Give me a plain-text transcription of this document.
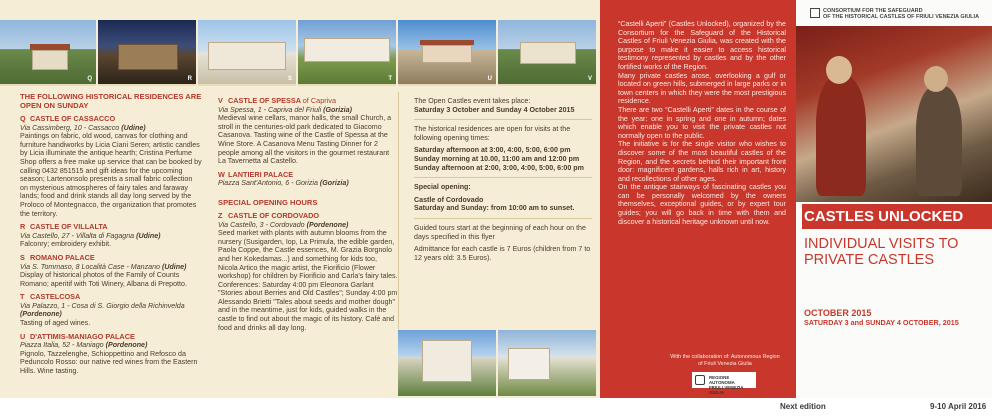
Q	R	S	T	U	V
THE FOLLOWING HISTORICAL RESIDENCES ARE OPEN ON SUNDAY
Q CASTLE OF CASSACCO

Via Cassimberg, 10 - Cassacco (Udine)

Paintings on fabric, old wood, canvas for clothing and furniture handiworks by Licia Ciani Seren; artistic candles by Licia illuminate the antique hearth; Cristina Perfume Shop offers a free make up service that can be booked by calling 0432 851515 and gift ideas for the upcoming season; Lartenonsolo presents a small fabric collection on mysterious atmospheres of fairy tales and faraway lands; food and drink stands all day long served by the Proloco of Montegnacco, the organization that promotes the territory.

R CASTLE OF VILLALTA

Via Castello, 27 - Villalta di Fagagna (Udine)

Falconry; embroidery exhibit.

S ROMANO PALACE

Via S. Tommaso, 8 Località Case - Manzano (Udine)

Display of historical photos of the Family of Counts Romano; aperitif with Toti Winery, Albana di Prepotto.

T CASTELCOSA

Via Palazzo, 1 - Cosa di S. Giorgio della Richinvelda (Pordenone)

Tasting of aged wines.

U D'ATTIMIS-MANIAGO PALACE

Piazza Italia, 52 - Maniago (Pordenone)

Pignolo, Tazzelenghe, Schioppettino and Refosco da Peduncolo Rosso: our native red wines from the Eastern Hills. Wine tasting.

V CASTLE OF SPESSA of Capriva

Via Spessa, 1 - Capriva del Friuli (Gorizia)

Medieval wine cellars, manor halls, the small Church, a stroll in the centuries-old park dedicated to Giacomo Casanova. Tasting wine of the Castle of Spessa at the Wine Store. A Casanova Menu Tasting Dinner for 2 people among all the visitors in the gourmet restaurant La Tavernetta al Castello.

W LANTIERI PALACE

Piazza Sant'Antonio, 6 - Gorizia (Gorizia)

SPECIAL OPENING HOURS
Z CASTLE OF CORDOVADO

Via Castello, 3 - Cordovado (Pordenone)

Seed market with plants with autumn blooms from the nursery (Susigarden, Iop, La Primula, the edible garden, Paola Coppe, the Castle essences, M. Grazia Borgnolo and her Kokedamas...) and something for kids too, Nicola Artico the magic artist, the Fiorificio (Flower workshop) for children by Fiorificio and Carla's fairy tales. Conferences: Saturday 4:00 pm Eleonora Garlant "Stories about Berries and Old Castles"; Sunday 4:00 pm Alessando Brietti "Tales about seeds and mother dough" and in the meantime, just for kids, guided walks in the castle to find out about the magic of its history. Café and food and drinks all day long.

The Open Castles event takes place:

Saturday 3 October and Sunday 4 October 2015

The historical residences are open for visits at the following opening times:

Saturday afternoon at 3:00, 4:00, 5:00, 6:00 pm

Sunday morning at 10.00, 11:00 am and 12:00 pm

Sunday afternoon at 2:00, 3:00, 4:00, 5:00, 6:00 pm

Special opening:

Castle of Cordovado

Saturday and Sunday: from 10:00 am to sunset.

Guided tours start at the beginning of each hour on the days specified in this flyer

Admittance for each castle is 7 Euros (children from 7 to 12 years old: 3.5 Euros).

“Castelli Aperti” (Castles Unlocked), organized by the Consortium for the Safeguard of the Historical Castles of Friuli Venezia Giulia, was created with the purpose to make it easier to access historical testimony represented by castles and by the other fortified works of the Region.

Many private castles arose, overlooking a gulf or located on green hills, submerged in large parks or in town centers in which they were the most prestigious residence.

There are two “Castelli Aperti” dates in the course of the year: one in spring and one in autumn; dates which enable you to visit the private castles not normally open to the public.

The initiative is for the single visitor who wishes to discover some of the most beautiful castles of the Region, and the secrets behind their important front door: magnificent gardens, halls rich in art, history and recollections of other ages.

On the antique stairways of fascinating castles you can be personally welcomed by the owners themselves, exceptional guides, or by expert tour guides; you will go back in time with them and discover a historical heritage unknown until now.

With the collaboration of: Autonomous Region of Friuli Venezia Giulia
REGIONE AUTONOMA
FRIULI VENEZIA GIULIA
CONSORTIUM FOR THE SAFEGUARD
OF THE HISTORICAL CASTLES OF FRIULI VENEZIA GIULIA
CASTLES UNLOCKED
INDIVIDUAL VISITS TO PRIVATE CASTLES
OCTOBER 2015
SATURDAY 3 and SUNDAY 4 OCTOBER, 2015
Next edition	9-10 April 2016
